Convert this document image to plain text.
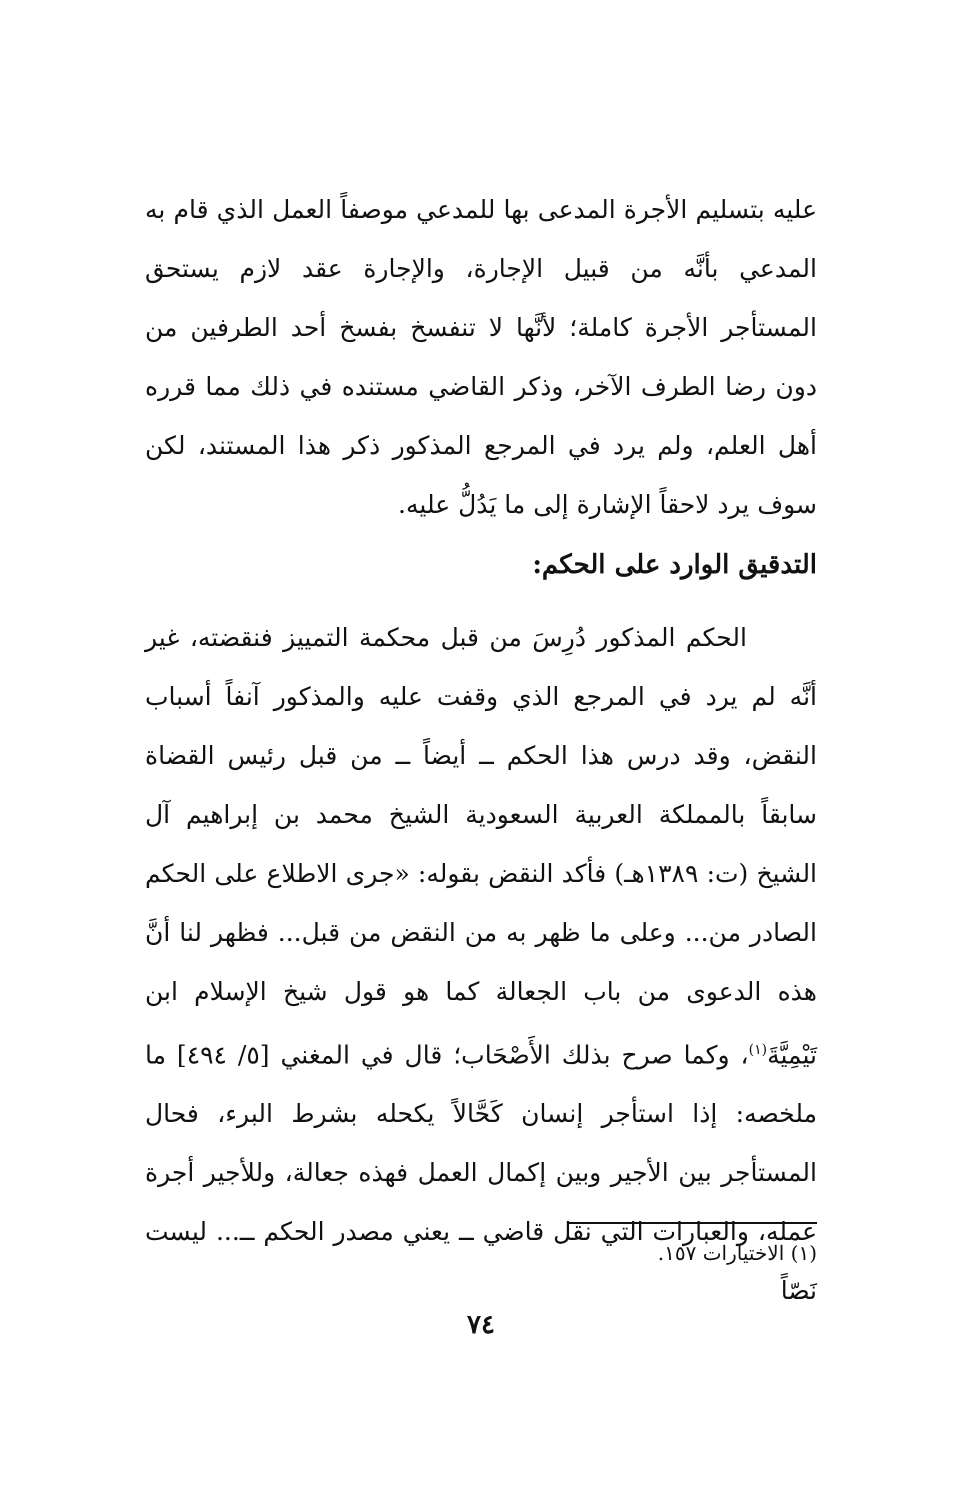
عليه بتسليم الأجرة المدعى بها للمدعي موصفاً العمل الذي قام به المدعي بأنَّه من قبيل الإجارة، والإجارة عقد لازم يستحق المستأجر الأجرة كاملة؛ لأنَّها لا تنفسخ بفسخ أحد الطرفين من دون رضا الطرف الآخر، وذكر القاضي مستنده في ذلك مما قرره أهل العلم، ولم يرد في المرجع المذكور ذكر هذا المستند، لكن سوف يرد لاحقاً الإشارة إلى ما يَدُلُّ عليه.

التدقيق الوارد على الحكم:

الحكم المذكور دُرِسَ من قبل محكمة التمييز فنقضته، غير أنَّه لم يرد في المرجع الذي وقفت عليه والمذكور آنفاً أسباب النقض، وقد درس هذا الحكم ــ أيضاً ــ من قبل رئيس القضاة سابقاً بالمملكة العربية السعودية الشيخ محمد بن إبراهيم آل الشيخ (ت: ١٣٨٩هـ) فأكد النقض بقوله: «جرى الاطلاع على الحكم الصادر من... وعلى ما ظهر به من النقض من قبل... فظهر لنا أنَّ هذه الدعوى من باب الجعالة كما هو قول شيخ الإسلام ابن تَيْمِيَّةَ$^{(١)}$، وكما صرح بذلك الأَصْحَاب؛ قال في المغني [٥/ ٤٩٤] ما ملخصه: إذا استأجر إنسان كَحَّالاً يكحله بشرط البرء، فحال المستأجر بين الأجير وبين إكمال العمل فهذه جعالة، وللأجير أجرة عمله، والعبارات التي نقل قاضي ــ يعني مصدر الحكم ــ... ليست نَصّاً

(١) الاختيارات ١٥٧.
٧٤
